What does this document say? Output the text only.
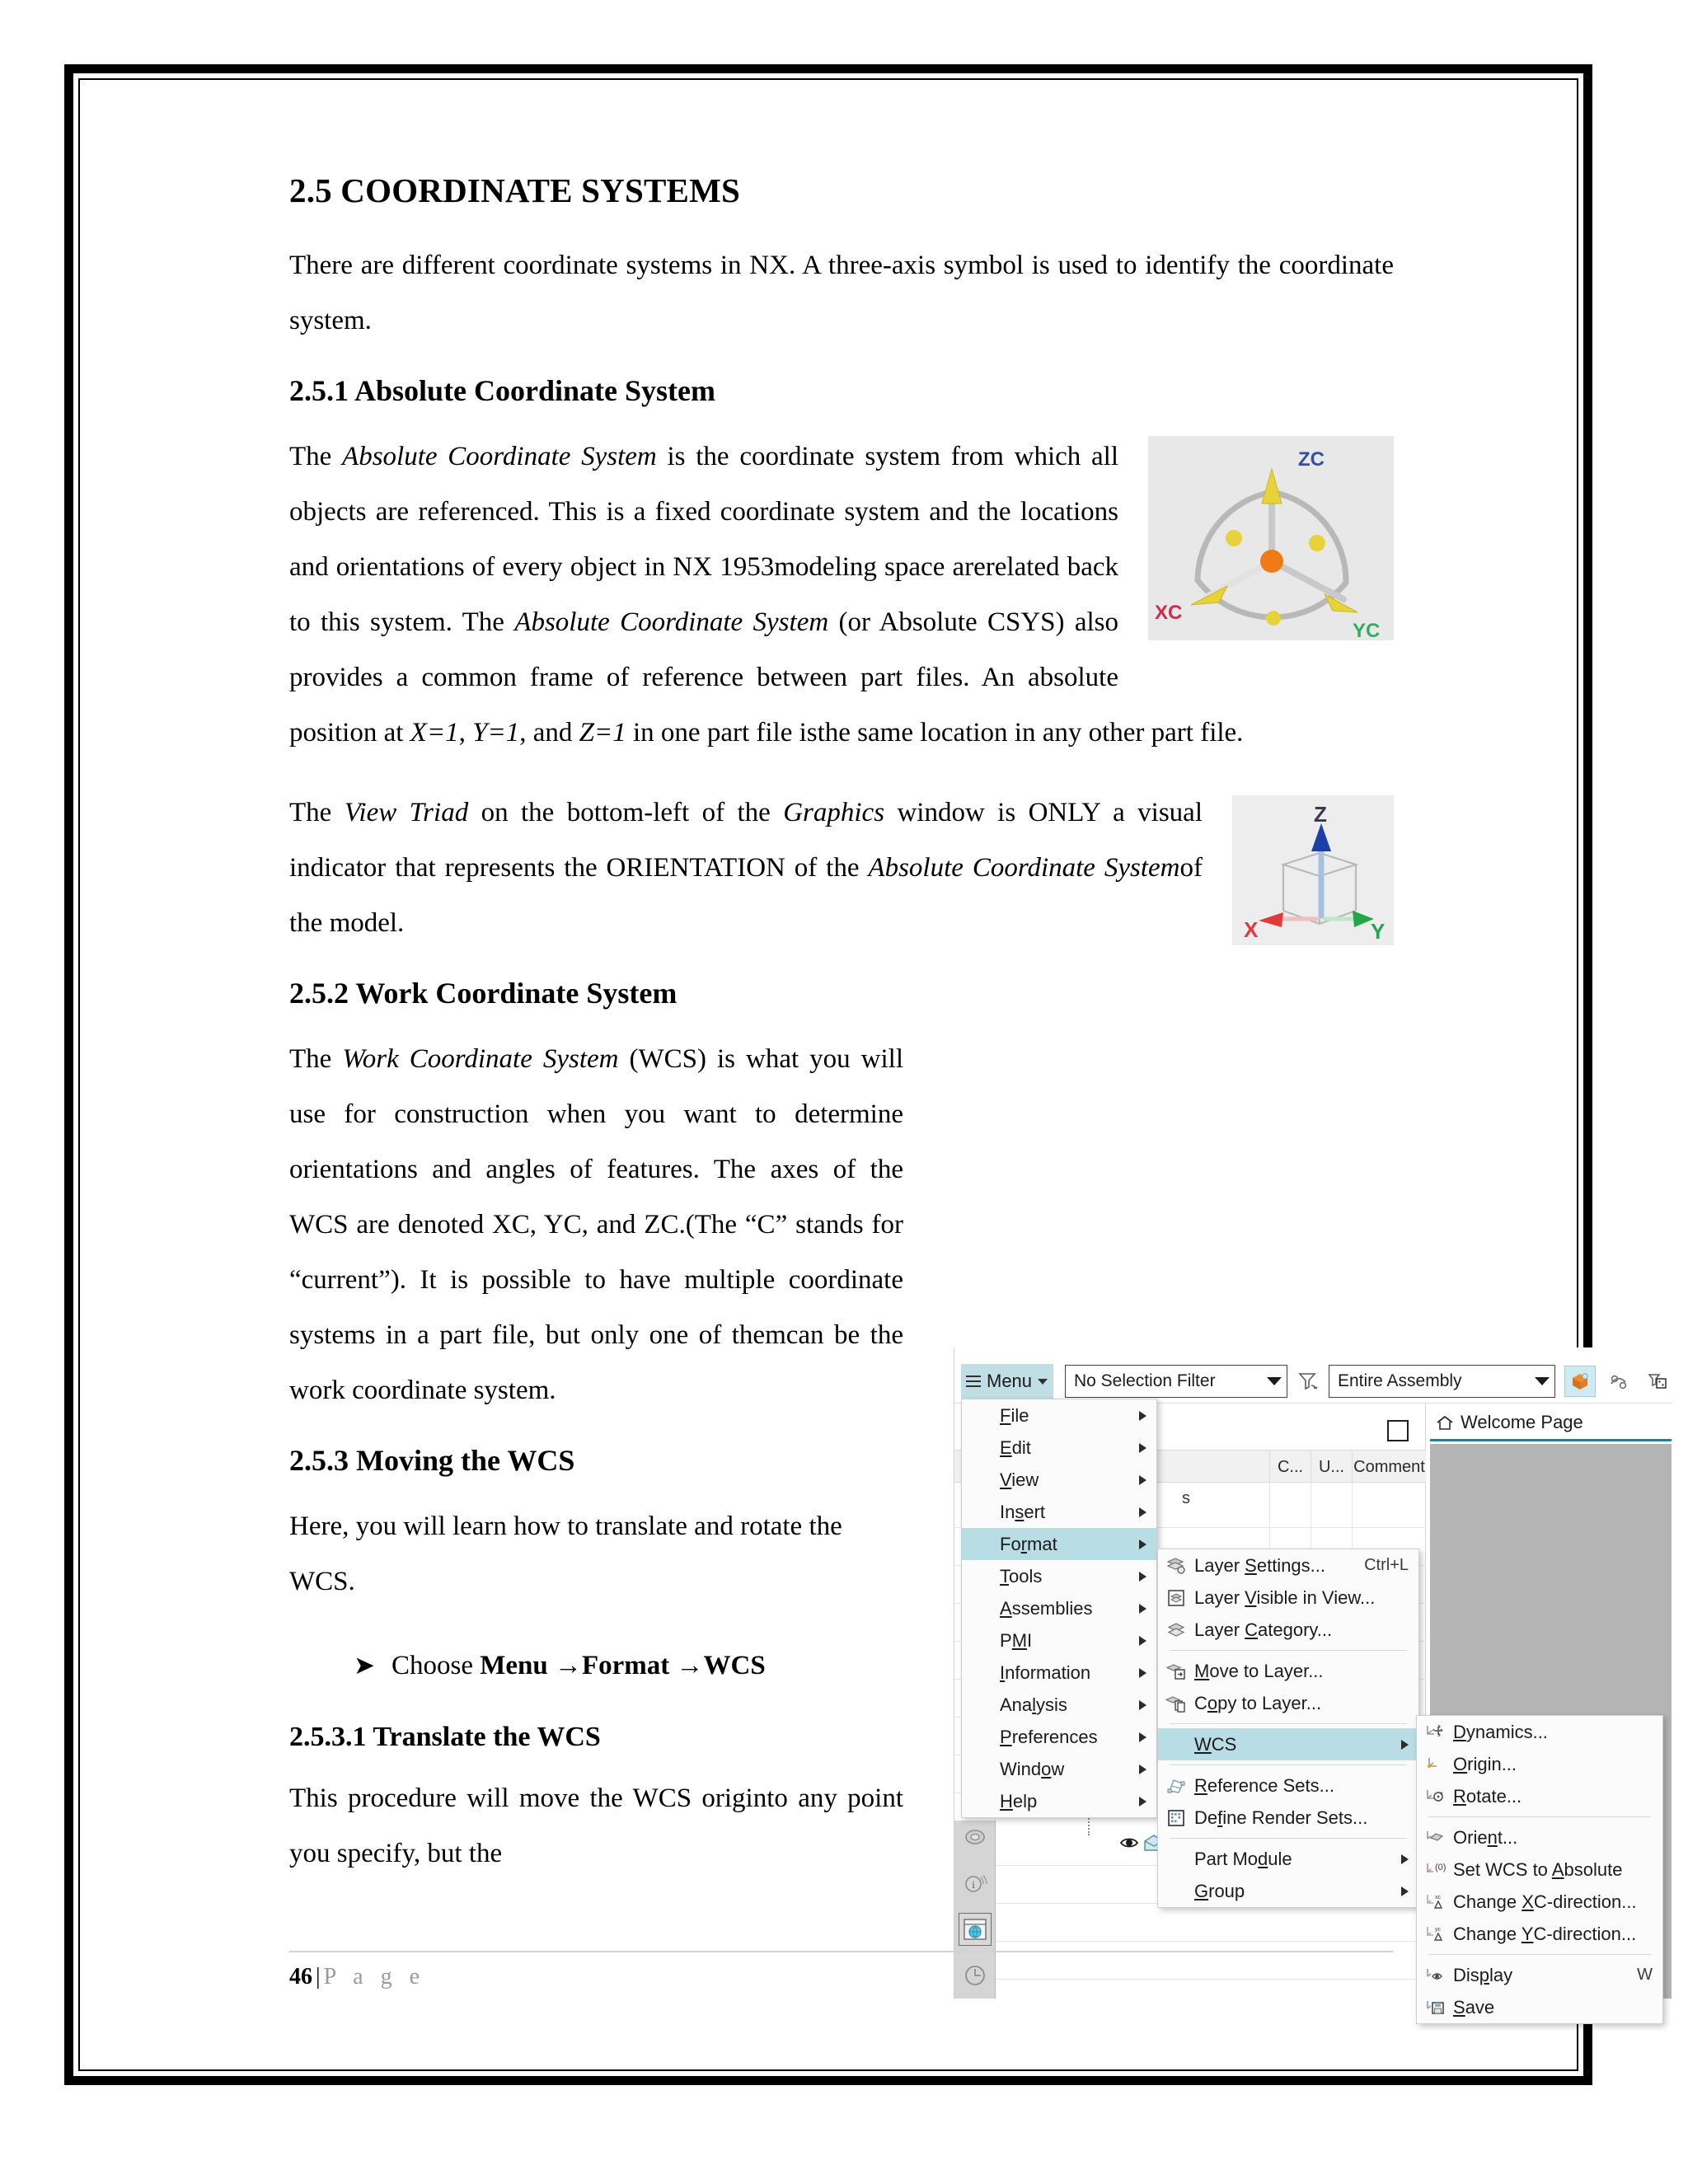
2.5 COORDINATE SYSTEMS

There are different coordinate systems in NX. A three-axis symbol is used to identify the coordinate system.

2.5.1 Absolute Coordinate System
ZC
XC
YC

The Absolute Coordinate System is the coordinate system from which all objects are referenced. This is a fixed coordinate system and the locations and orientations of every object in NX 1953modeling space arerelated back to this system. The Absolute Coordinate System (or Absolute CSYS) also provides a common frame of reference between part files. An absolute position at X=1, Y=1, and Z=1 in one part file isthe same location in any other part file.

Z
X	Y

The View Triad on the bottom-left of the Graphics window is ONLY a visual indicator that represents the ORIENTATION of the Absolute Coordinate Systemof the model.

2.5.2 Work Coordinate System

The Work Coordinate System (WCS) is what you will use for construction when you want to determine orientations and angles of features. The axes of the WCS are denoted XC, YC, and ZC.(The “C” stands for “current”). It is possible to have multiple coordinate systems in a part file, but only one of themcan be the work coordinate system.

2.5.3 Moving the WCS

Here, you will learn how to translate and rotate the WCS.

➤ Choose Menu →Format →WCS
2.5.3.1 Translate the WCS

This procedure will move the WCS originto any point you specify, but the

Menu No Selection Filter	Entire Assembly
C... U... Comment
s
i
Welcome Page
File
Edit
View
Insert
Format
Tools
Assemblies
PMI
Information
Analysis
Preferences
Window
Help
Layer Settings...	Ctrl+L
Layer Visible in View...
Layer Category...
Move to Layer...
Copy to Layer...
WCS
Reference Sets...
Define Render Sets...
Part Module
Group
Dynamics...
Origin...
Rotate...
Orient...
(0) Set WCS to Absolute
xc Change XC-direction...
yc Change YC-direction...
Display	W
Save
46 | P a g e
